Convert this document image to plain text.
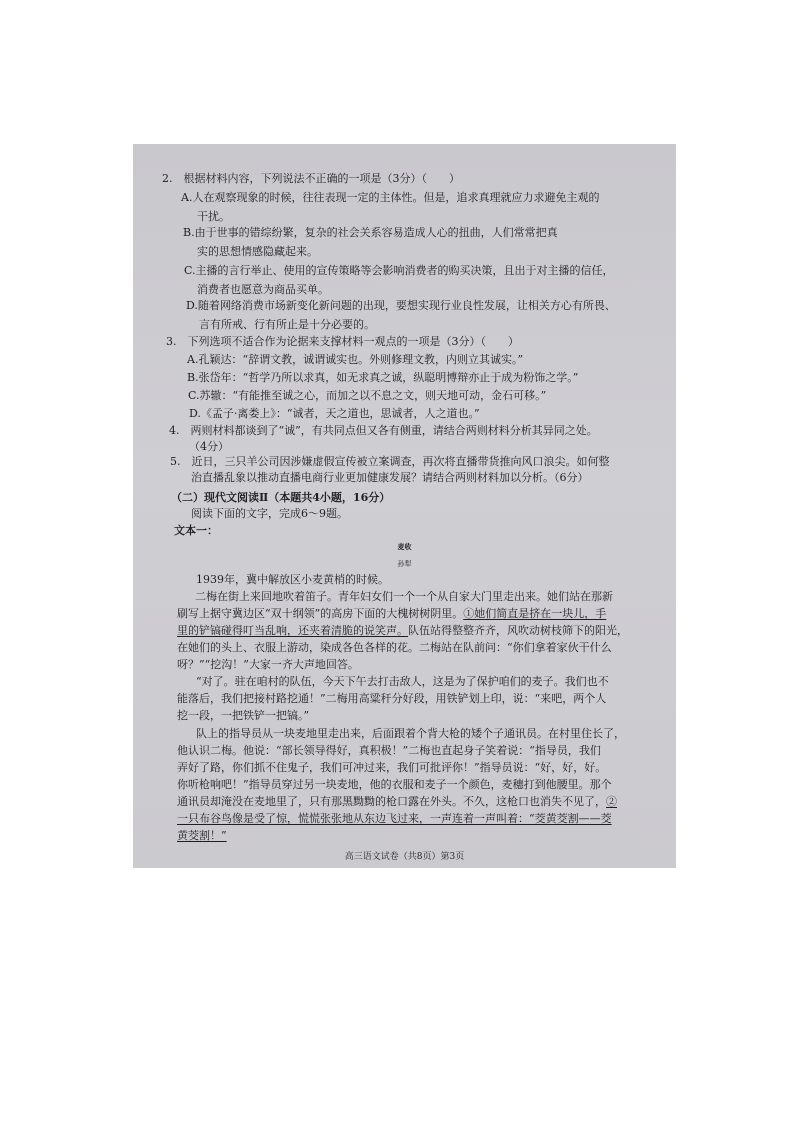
2.　根据材料内容，下列说法不正确的一项是（3分）（　　）
A.人在观察现象的时候，往往表现一定的主体性。但是，追求真理就应力求避免主观的
干扰。
B.由于世事的错综纷繁，复杂的社会关系容易造成人心的扭曲，人们常常把真
实的思想情感隐藏起来。
C.主播的言行举止、使用的宣传策略等会影响消费者的购买决策，且出于对主播的信任，
消费者也愿意为商品买单。
D.随着网络消费市场新变化新问题的出现，要想实现行业良性发展，让相关方心有所畏、
言有所戒、行有所止是十分必要的。
3.　下列选项不适合作为论据来支撑材料一观点的一项是（3分）（　　）
A.孔颖达：“辞谓文教，诚谓诚实也。外则修理文教，内则立其诚实。”
B.张岱年：“哲学乃所以求真，如无求真之诚，纵聪明博辩亦止于成为粉饰之学。”
C.苏辙：“有能推至诚之心，而加之以不息之文，则天地可动，金石可移。”
D.《孟子·离娄上》：“诚者，天之道也，思诚者，人之道也。”
4.　两则材料都谈到了“诚”，有共同点但又各有侧重，请结合两则材料分析其异同之处。
（4分）
5.　近日，三只羊公司因涉嫌虚假宣传被立案调查，再次将直播带货推向风口浪尖。如何整
治直播乱象以推动直播电商行业更加健康发展？请结合两则材料加以分析。（6分）
（二）现代文阅读Ⅱ（本题共4小题，16分）
阅读下面的文字，完成6～9题。
文本一：
麦收
孙犁
1939年，冀中解放区小麦黄梢的时候。
二梅在街上来回地吹着笛子。青年妇女们一个一个从自家大门里走出来。她们站在那新
刷写上据守冀边区“双十纲领”的高房下面的大槐树树阴里。①她们简直是挤在一块儿，手
里的铲镐碰得叮当乱响，还夹着清脆的说笑声。队伍站得整整齐齐，风吹动树枝筛下的阳光，
在她们的头上、衣服上游动，染成各色各样的花。二梅站在队前问：“你们拿着家伙干什么
呀？”“挖沟！”大家一齐大声地回答。
“对了。驻在咱村的队伍，今天下午去打击敌人，这是为了保护咱们的麦子。我们也不
能落后，我们把接村路挖通！”二梅用高粱秆分好段，用铁铲划上印，说：“来吧，两个人
挖一段，一把铁铲一把镐。”
队上的指导员从一块麦地里走出来，后面跟着个背大枪的矮个子通讯员。在村里住长了，
他认识二梅。他说：“部长领导得好，真积极！”二梅也直起身子笑着说：“指导员，我们
弄好了路，你们抓不住鬼子，我们可冲过来，我们可批评你！”指导员说：“好，好，好。
你听枪响吧！”指导员穿过另一块麦地，他的衣服和麦子一个颜色，麦穗打到他腰里。那个
通讯员却淹没在麦地里了，只有那黑黝黝的枪口露在外头。不久，这枪口也消失不见了，②
一只布谷鸟像是受了惊，慌慌张张地从东边飞过来，一声连着一声叫着：“茭黄茭割——茭
黄茭割！”
高三语文试卷（共8页）第3页
